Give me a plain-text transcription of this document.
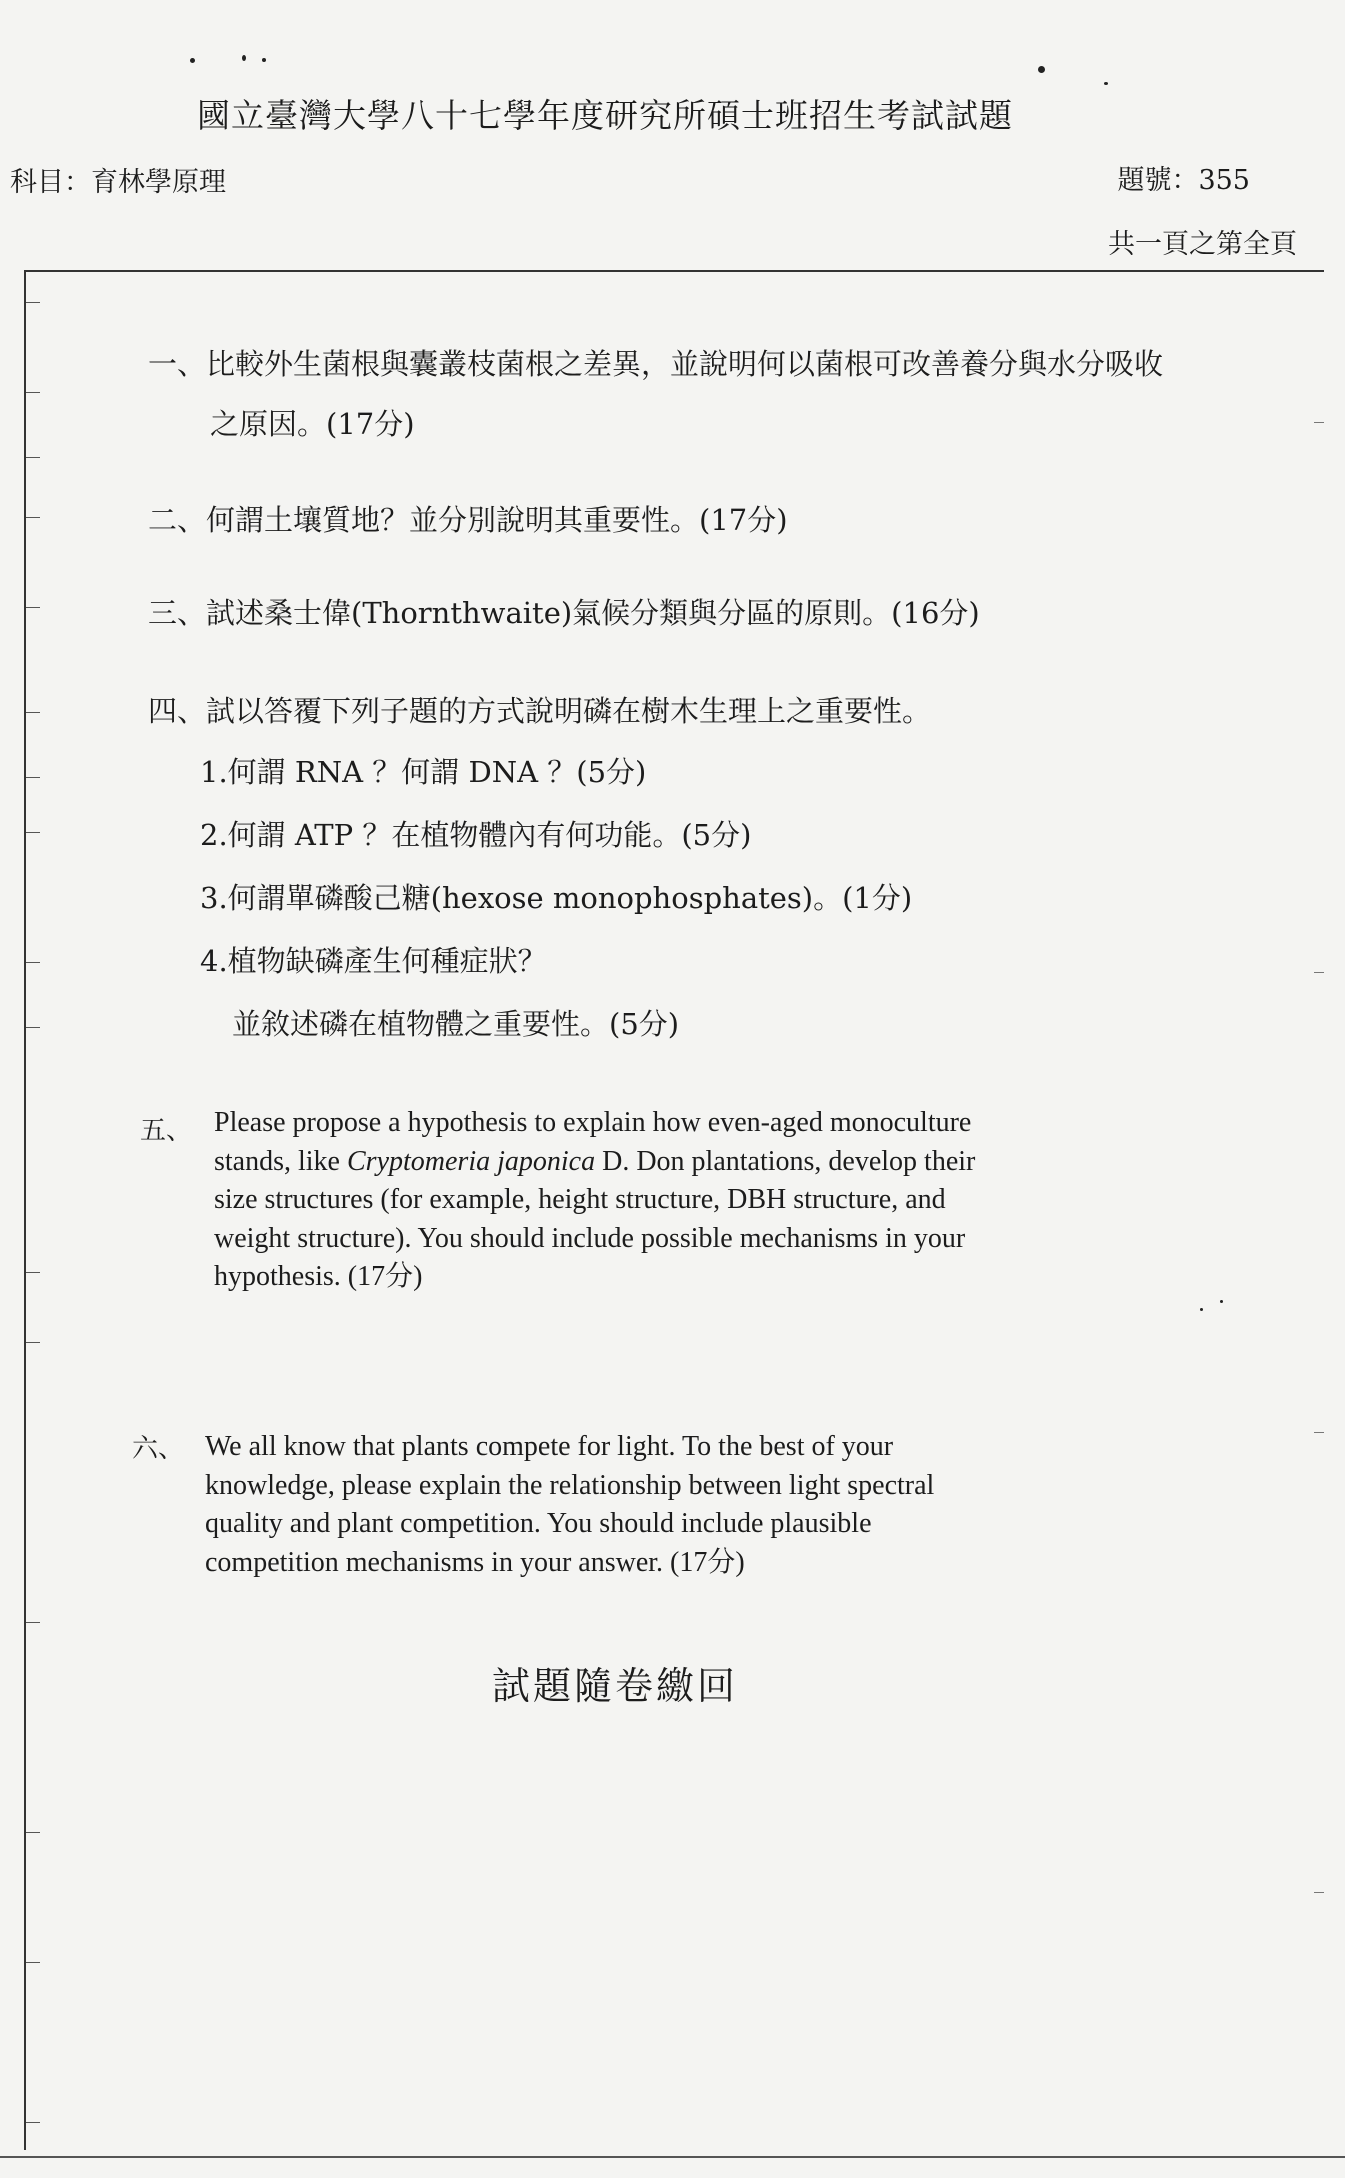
國立臺灣大學八十七學年度研究所碩士班招生考試試題
科目：育林學原理	題號：355
共一頁之第全頁
一、比較外生菌根與囊叢枝菌根之差異，並說明何以菌根可改善養分與水分吸收
之原因。(17分)
二、何謂土壤質地？並分別說明其重要性。(17分)
三、試述桑士偉(Thornthwaite)氣候分類與分區的原則。(16分)
四、試以答覆下列子題的方式說明磷在樹木生理上之重要性。
1.何謂 RNA ？何謂 DNA ？(5分)
2.何謂 ATP ？在植物體內有何功能。(5分)
3.何謂單磷酸己糖(hexose monophosphates)。(1分)
4.植物缺磷產生何種症狀？
並敘述磷在植物體之重要性。(5分)
五、 Please propose a hypothesis to explain how even-aged monoculture
stands, like Cryptomeria japonica D. Don plantations, develop their
size structures (for example, height structure, DBH structure, and
weight structure). You should include possible mechanisms in your
hypothesis. (17分)
六、 We all know that plants compete for light. To the best of your
knowledge, please explain the relationship between light spectral
quality and plant competition. You should include plausible
competition mechanisms in your answer. (17分)
試題隨卷繳回
